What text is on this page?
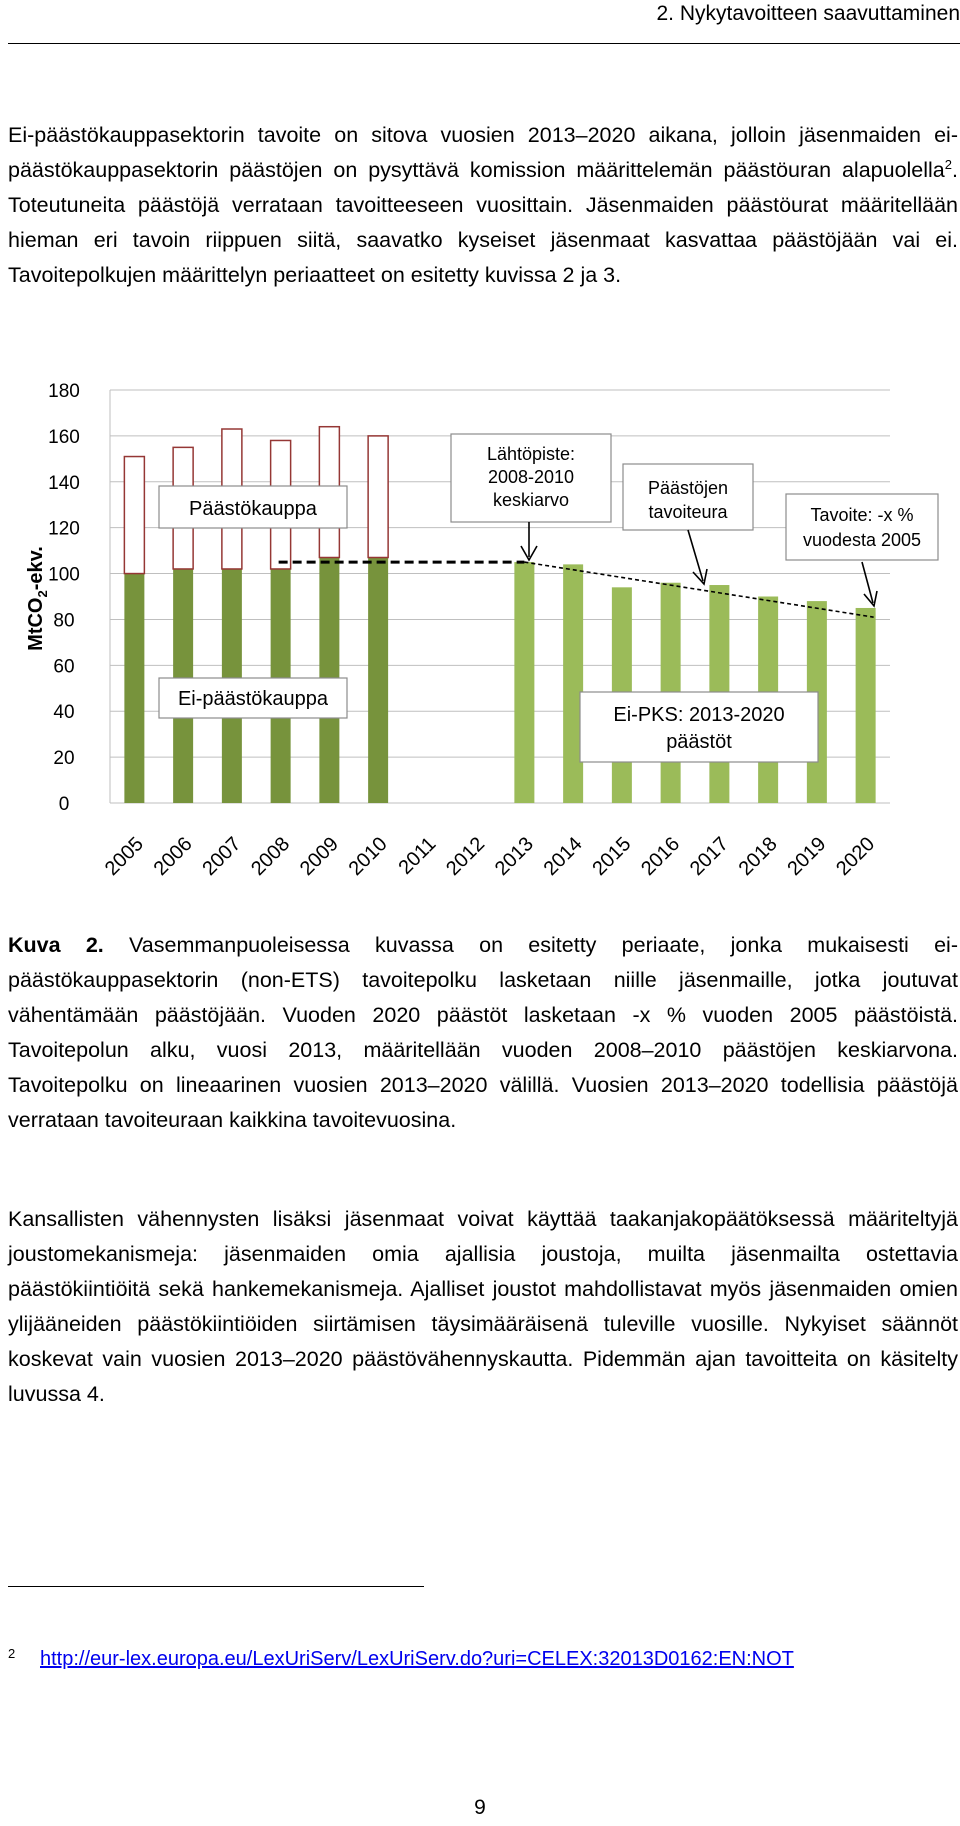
2. Nykytavoitteen saavuttaminen

Ei-päästökauppasektorin tavoite on sitova vuosien 2013–2020 aikana, jolloin jäsenmaiden ei-päästökauppasektorin päästöjen on pysyttävä komission määrittelemän päästöuran alapuolella$^2$. Toteutuneita päästöjä verrataan tavoitteeseen vuosittain. Jäsenmaiden päästöurat määritellään hieman eri tavoin riippuen siitä, saavatko kyseiset jäsenmaat kasvattaa päästöjään vai ei. Tavoitepolkujen määrittelyn periaatteet on esitetty kuvissa 2 ja 3.

0
20
40
60
80
100
120
140
160
180
2005 2006 2007 2008 2009 2010 2011 2012 2013 2014 2015 2016 2017 2018 2019 2020
MtCO$_2$-ekv.
Päästökauppa
Ei-päästökauppa
Lähtöpiste:
2008-2010
keskiarvo
Päästöjen
tavoiteura	Tavoite: -x %
vuodesta 2005
Ei-PKS: 2013-2020
päästöt

Kuva 2. Vasemmanpuoleisessa kuvassa on esitetty periaate, jonka mukaisesti ei-päästökauppasektorin (non-ETS) tavoitepolku lasketaan niille jäsenmaille, jotka joutuvat vähentämään päästöjään. Vuoden 2020 päästöt lasketaan -x % vuoden 2005 päästöistä. Tavoitepolun alku, vuosi 2013, määritellään vuoden 2008–2010 päästöjen keskiarvona. Tavoitepolku on lineaarinen vuosien 2013–2020 välillä. Vuosien 2013–2020 todellisia päästöjä verrataan tavoiteuraan kaikkina tavoitevuosina.

Kansallisten vähennysten lisäksi jäsenmaat voivat käyttää taakanjakopäätöksessä määriteltyjä joustomekanismeja: jäsenmaiden omia ajallisia joustoja, muilta jäsenmailta ostettavia päästökiintiöitä sekä hankemekanismeja. Ajalliset joustot mahdollistavat myös jäsenmaiden omien ylijääneiden päästökiintiöiden siirtämisen täysimääräisenä tuleville vuosille. Nykyiset säännöt koskevat vain vuosien 2013–2020 päästövähennyskautta. Pidemmän ajan tavoitteita on käsitelty luvussa 4.

2 http://eur-lex.europa.eu/LexUriServ/LexUriServ.do?uri=CELEX:32013D0162:EN:NOT
9
